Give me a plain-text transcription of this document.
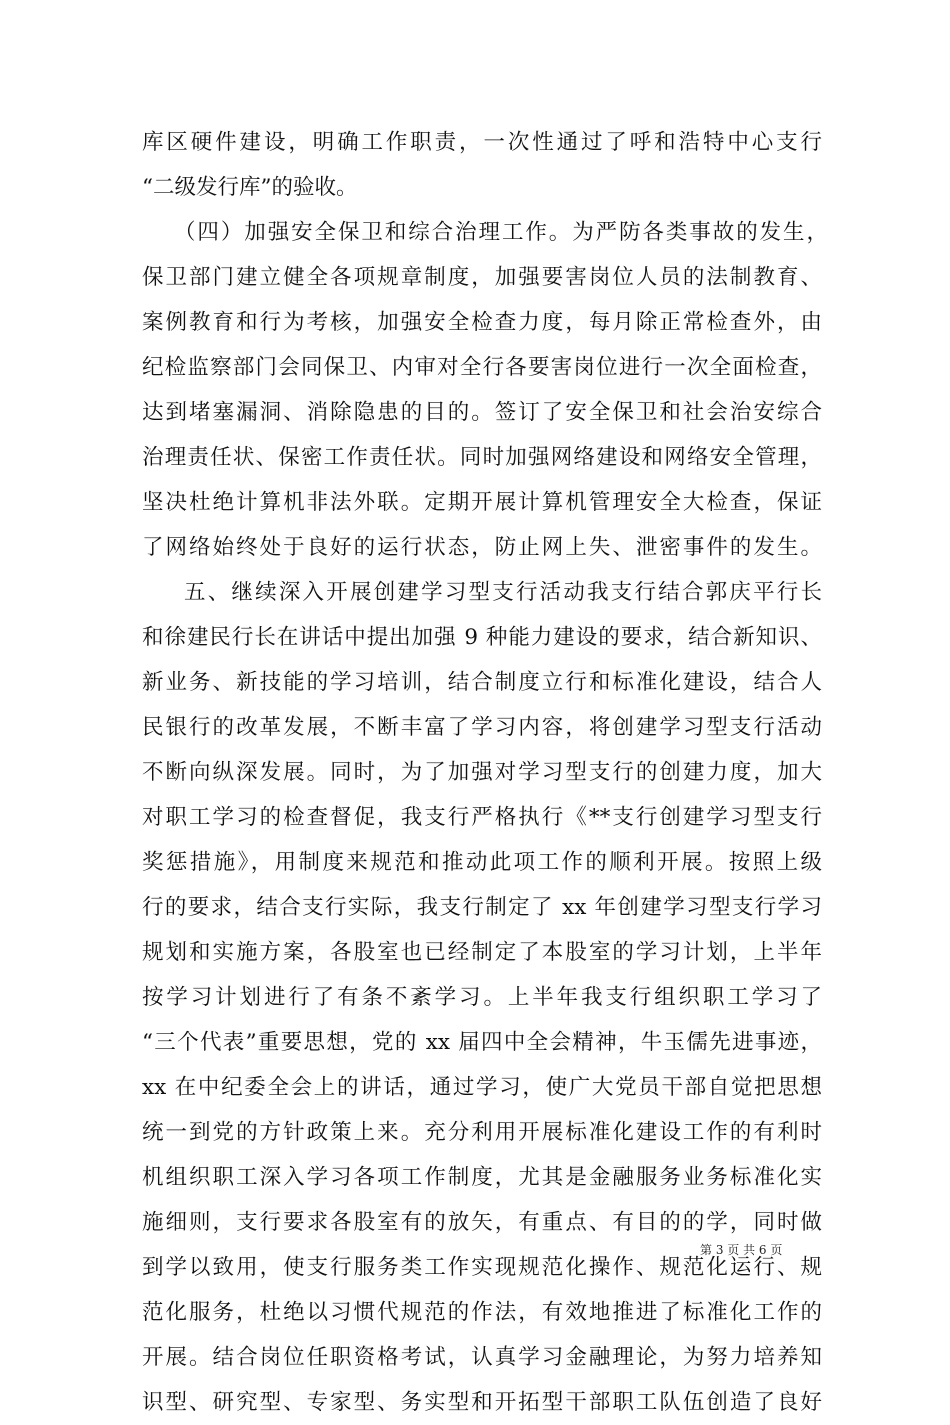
库区硬件建设，明确工作职责，一次性通过了呼和浩特中心支行
“二级发行库”的验收。
（四）加强安全保卫和综合治理工作。为严防各类事故的发生，
保卫部门建立健全各项规章制度，加强要害岗位人员的法制教育、
案例教育和行为考核，加强安全检查力度，每月除正常检查外，由
纪检监察部门会同保卫、内审对全行各要害岗位进行一次全面检查，
达到堵塞漏洞、消除隐患的目的。签订了安全保卫和社会治安综合
治理责任状、保密工作责任状。同时加强网络建设和网络安全管理，
坚决杜绝计算机非法外联。定期开展计算机管理安全大检查，保证
了网络始终处于良好的运行状态，防止网上失、泄密事件的发生。
五、继续深入开展创建学习型支行活动我支行结合郭庆平行长
和徐建民行长在讲话中提出加强 9 种能力建设的要求，结合新知识、
新业务、新技能的学习培训，结合制度立行和标准化建设，结合人
民银行的改革发展，不断丰富了学习内容，将创建学习型支行活动
不断向纵深发展。同时，为了加强对学习型支行的创建力度，加大
对职工学习的检查督促，我支行严格执行《**支行创建学习型支行
奖惩措施》，用制度来规范和推动此项工作的顺利开展。按照上级
行的要求，结合支行实际，我支行制定了 xx 年创建学习型支行学习
规划和实施方案，各股室也已经制定了本股室的学习计划，上半年
按学习计划进行了有条不紊学习。上半年我支行组织职工学习了
“三个代表”重要思想，党的 xx 届四中全会精神，牛玉儒先进事迹，
xx 在中纪委全会上的讲话，通过学习，使广大党员干部自觉把思想
统一到党的方针政策上来。充分利用开展标准化建设工作的有利时
机组织职工深入学习各项工作制度，尤其是金融服务业务标准化实
施细则，支行要求各股室有的放矢，有重点、有目的的学，同时做
到学以致用，使支行服务类工作实现规范化操作、规范化运行、规
范化服务，杜绝以习惯代规范的作法，有效地推进了标准化工作的
开展。结合岗位任职资格考试，认真学习金融理论，为努力培养知
识型、研究型、专家型、务实型和开拓型干部职工队伍创造了良好
第 3 页 共 6 页
